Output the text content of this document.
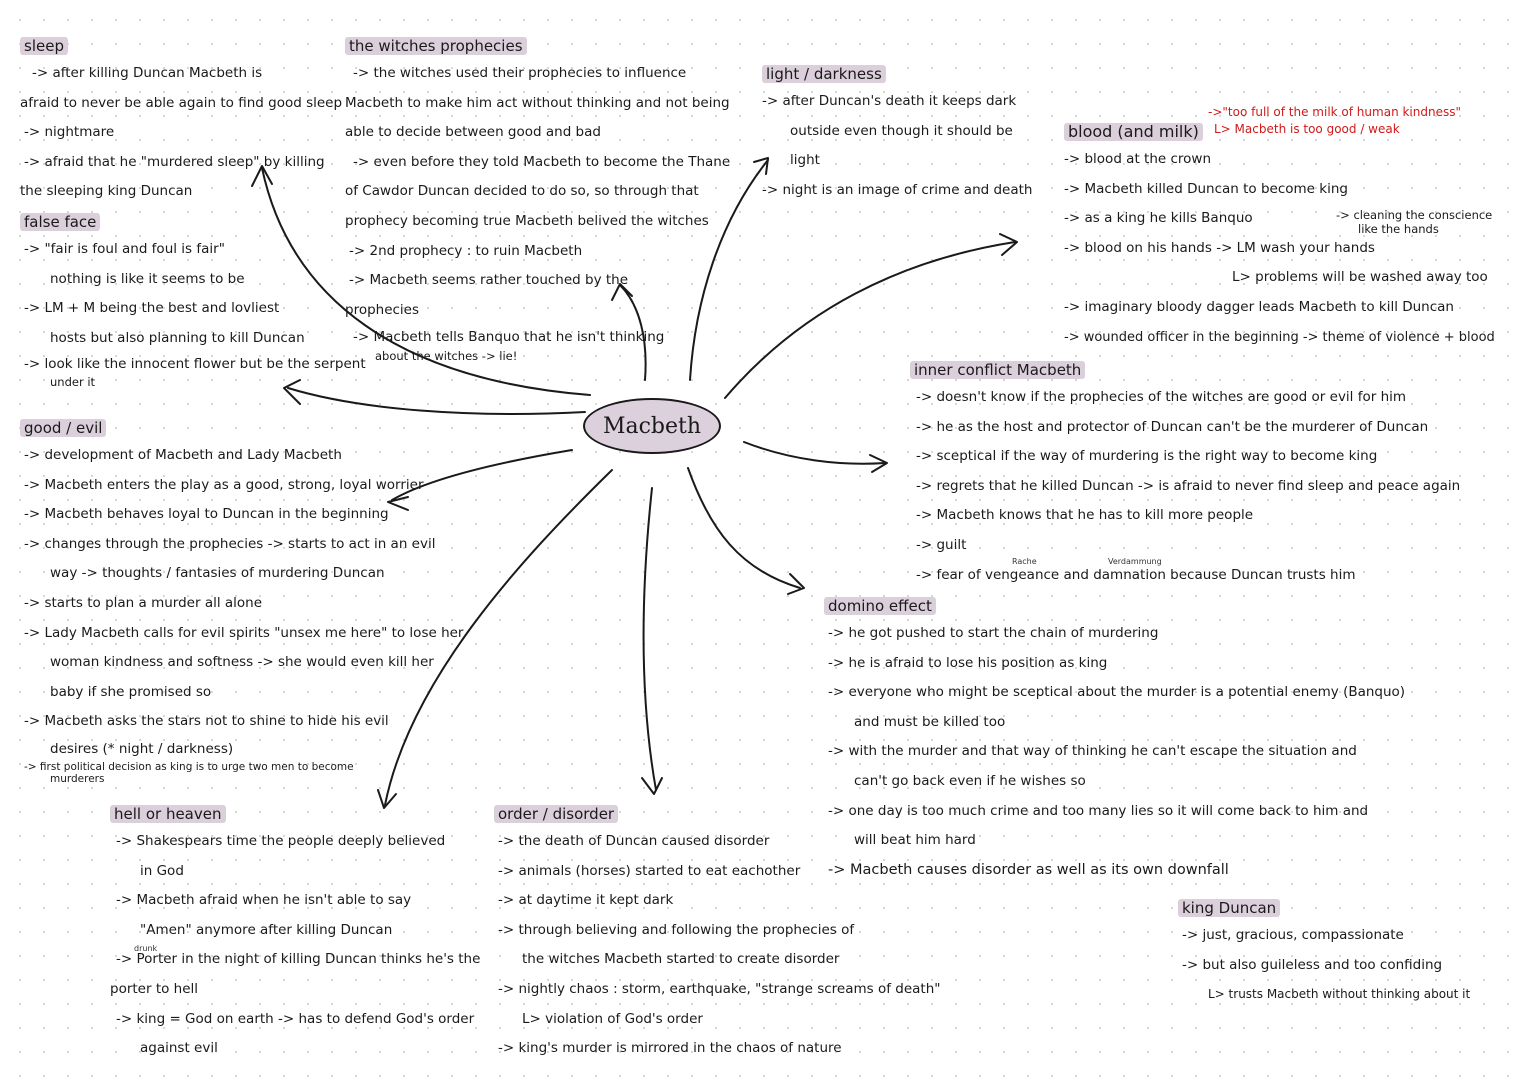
Macbeth
sleep
-> after killing Duncan Macbeth is
afraid to never be able again to find good sleep
-> nightmare
-> afraid that he "murdered sleep" by killing
the sleeping king Duncan
false face
-> "fair is foul and foul is fair"
nothing is like it seems to be
-> LM + M being the best and lovliest
hosts but also planning to kill Duncan
-> look like the innocent flower but be the serpent
under it
the witches prophecies
-> the witches used their prophecies to influence
Macbeth to make him act without thinking and not being
able to decide between good and bad
-> even before they told Macbeth to become the Thane
of Cawdor Duncan decided to do so, so through that
prophecy becoming true Macbeth belived the witches
-> 2nd prophecy : to ruin Macbeth
-> Macbeth seems rather touched by the
prophecies
-> Macbeth tells Banquo that he isn't thinking
about the witches -> lie!
light / darkness
-> after Duncan's death it keeps dark
outside even though it should be
light
-> night is an image of crime and death
->"too full of the milk of human kindness"
L> Macbeth is too good / weak
blood (and milk)
-> blood at the crown
-> Macbeth killed Duncan to become king
-> as a king he kills Banquo
-> blood on his hands -> LM wash your hands
L> problems will be washed away too
-> imaginary bloody dagger leads Macbeth to kill Duncan
-> wounded officer in the beginning -> theme of violence + blood
-> cleaning the conscience
like the hands
inner conflict Macbeth
-> doesn't know if the prophecies of the witches are good or evil for him
-> he as the host and protector of Duncan can't be the murderer of Duncan
-> sceptical if the way of murdering is the right way to become king
-> regrets that he killed Duncan -> is afraid to never find sleep and peace again
-> Macbeth knows that he has to kill more people
-> guilt
-> fear of vengeance and damnation because Duncan trusts him
Rache	Verdammung
good / evil
-> development of Macbeth and Lady Macbeth
-> Macbeth enters the play as a good, strong, loyal worrier
-> Macbeth behaves loyal to Duncan in the beginning
-> changes through the prophecies -> starts to act in an evil
way -> thoughts / fantasies of murdering Duncan
-> starts to plan a murder all alone
-> Lady Macbeth calls for evil spirits "unsex me here" to lose her
woman kindness and softness -> she would even kill her
baby if she promised so
-> Macbeth asks the stars not to shine to hide his evil
desires (* night / darkness)
-> first political decision as king is to urge two men to become
murderers
domino effect
-> he got pushed to start the chain of murdering
-> he is afraid to lose his position as king
-> everyone who might be sceptical about the murder is a potential enemy (Banquo)
and must be killed too
-> with the murder and that way of thinking he can't escape the situation and
can't go back even if he wishes so
-> one day is too much crime and too many lies so it will come back to him and
will beat him hard
-> Macbeth causes disorder as well as its own downfall
hell or heaven
-> Shakespears time the people deeply believed
in God
-> Macbeth afraid when he isn't able to say
"Amen" anymore after killing Duncan
-> Porter in the night of killing Duncan thinks he's the
porter to hell
-> king = God on earth -> has to defend God's order
against evil
drunk
order / disorder
-> the death of Duncan caused disorder
-> animals (horses) started to eat eachother
-> at daytime it kept dark
-> through believing and following the prophecies of
the witches Macbeth started to create disorder
-> nightly chaos : storm, earthquake, "strange screams of death"
L> violation of God's order
-> king's murder is mirrored in the chaos of nature
king Duncan
-> just, gracious, compassionate
-> but also guileless and too confiding
L> trusts Macbeth without thinking about it
